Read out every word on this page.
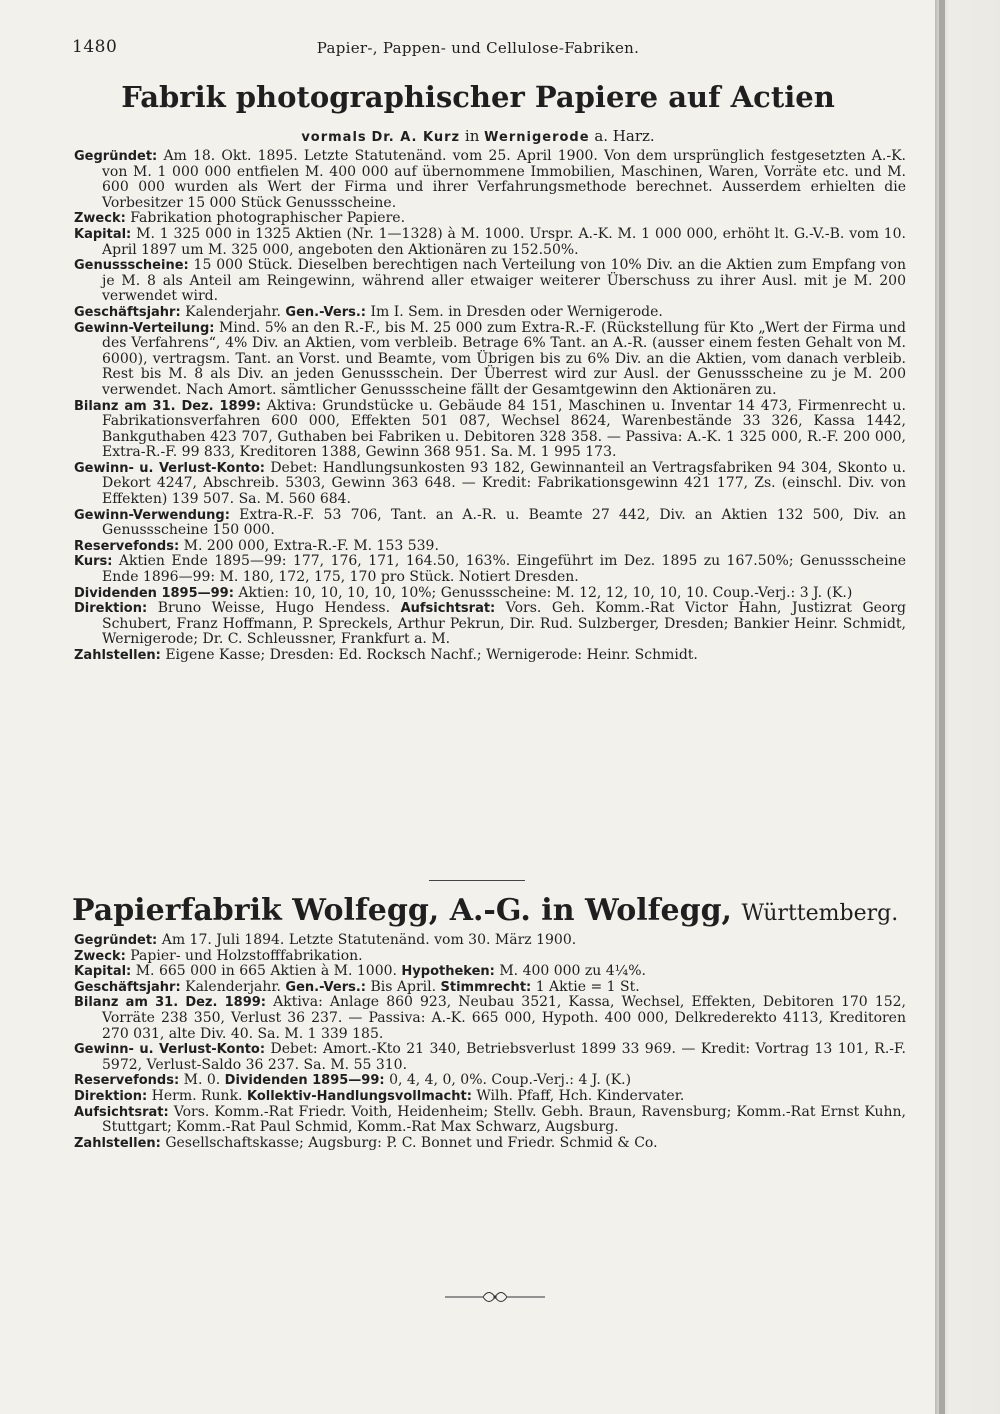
1480	Papier-, Pappen- und Cellulose-Fabriken.
Fabrik photographischer Papiere auf Actien
vormals Dr. A. Kurz in Wernigerode a. Harz.

Gegründet: Am 18. Okt. 1895. Letzte Statutenänd. vom 25. April 1900. Von dem ursprünglich festgesetzten A.-K. von M. 1 000 000 entfielen M. 400 000 auf übernommene Immobilien, Maschinen, Waren, Vorräte etc. und M. 600 000 wurden als Wert der Firma und ihrer Verfahrungsmethode berechnet. Ausserdem erhielten die Vorbesitzer 15 000 Stück Genussscheine.

Zweck: Fabrikation photographischer Papiere.

Kapital: M. 1 325 000 in 1325 Aktien (Nr. 1—1328) à M. 1000. Urspr. A.-K. M. 1 000 000, erhöht lt. G.-V.-B. vom 10. April 1897 um M. 325 000, angeboten den Aktionären zu 152.50%.

Genussscheine: 15 000 Stück. Dieselben berechtigen nach Verteilung von 10% Div. an die Aktien zum Empfang von je M. 8 als Anteil am Reingewinn, während aller etwaiger weiterer Überschuss zu ihrer Ausl. mit je M. 200 verwendet wird.

Geschäftsjahr: Kalenderjahr. Gen.-Vers.: Im I. Sem. in Dresden oder Wernigerode.

Gewinn-Verteilung: Mind. 5% an den R.-F., bis M. 25 000 zum Extra-R.-F. (Rückstellung für Kto „Wert der Firma und des Verfahrens“, 4% Div. an Aktien, vom verbleib. Betrage 6% Tant. an A.-R. (ausser einem festen Gehalt von M. 6000), vertragsm. Tant. an Vorst. und Beamte, vom Übrigen bis zu 6% Div. an die Aktien, vom danach verbleib. Rest bis M. 8 als Div. an jeden Genussschein. Der Überrest wird zur Ausl. der Genussscheine zu je M. 200 verwendet. Nach Amort. sämtlicher Genussscheine fällt der Gesamtgewinn den Aktionären zu.

Bilanz am 31. Dez. 1899: Aktiva: Grundstücke u. Gebäude 84 151, Maschinen u. Inventar 14 473, Firmenrecht u. Fabrikationsverfahren 600 000, Effekten 501 087, Wechsel 8624, Warenbestände 33 326, Kassa 1442, Bankguthaben 423 707, Guthaben bei Fabriken u. Debitoren 328 358. — Passiva: A.-K. 1 325 000, R.-F. 200 000, Extra-R.-F. 99 833, Kreditoren 1388, Gewinn 368 951. Sa. M. 1 995 173.

Gewinn- u. Verlust-Konto: Debet: Handlungsunkosten 93 182, Gewinnanteil an Vertragsfabriken 94 304, Skonto u. Dekort 4247, Abschreib. 5303, Gewinn 363 648. — Kredit: Fabrikationsgewinn 421 177, Zs. (einschl. Div. von Effekten) 139 507. Sa. M. 560 684.

Gewinn-Verwendung: Extra-R.-F. 53 706, Tant. an A.-R. u. Beamte 27 442, Div. an Aktien 132 500, Div. an Genussscheine 150 000.

Reservefonds: M. 200 000, Extra-R.-F. M. 153 539.

Kurs: Aktien Ende 1895—99: 177, 176, 171, 164.50, 163%. Eingeführt im Dez. 1895 zu 167.50%; Genussscheine Ende 1896—99: M. 180, 172, 175, 170 pro Stück. Notiert Dresden.

Dividenden 1895—99: Aktien: 10, 10, 10, 10, 10%; Genussscheine: M. 12, 12, 10, 10, 10. Coup.-Verj.: 3 J. (K.)

Direktion: Bruno Weisse, Hugo Hendess. Aufsichtsrat: Vors. Geh. Komm.-Rat Victor Hahn, Justizrat Georg Schubert, Franz Hoffmann, P. Spreckels, Arthur Pekrun, Dir. Rud. Sulzberger, Dresden; Bankier Heinr. Schmidt, Wernigerode; Dr. C. Schleussner, Frankfurt a. M.

Zahlstellen: Eigene Kasse; Dresden: Ed. Rocksch Nachf.; Wernigerode: Heinr. Schmidt.

Papierfabrik Wolfegg, A.-G. in Wolfegg, Württemberg.

Gegründet: Am 17. Juli 1894. Letzte Statutenänd. vom 30. März 1900.

Zweck: Papier- und Holzstofffabrikation.

Kapital: M. 665 000 in 665 Aktien à M. 1000. Hypotheken: M. 400 000 zu 4¼%.

Geschäftsjahr: Kalenderjahr. Gen.-Vers.: Bis April. Stimmrecht: 1 Aktie = 1 St.

Bilanz am 31. Dez. 1899: Aktiva: Anlage 860 923, Neubau 3521, Kassa, Wechsel, Effekten, Debitoren 170 152, Vorräte 238 350, Verlust 36 237. — Passiva: A.-K. 665 000, Hypoth. 400 000, Delkrederekto 4113, Kreditoren 270 031, alte Div. 40. Sa. M. 1 339 185.

Gewinn- u. Verlust-Konto: Debet: Amort.-Kto 21 340, Betriebsverlust 1899 33 969. — Kredit: Vortrag 13 101, R.-F. 5972, Verlust-Saldo 36 237. Sa. M. 55 310.

Reservefonds: M. 0. Dividenden 1895—99: 0, 4, 4, 0, 0%. Coup.-Verj.: 4 J. (K.)

Direktion: Herm. Runk. Kollektiv-Handlungsvollmacht: Wilh. Pfaff, Hch. Kindervater.

Aufsichtsrat: Vors. Komm.-Rat Friedr. Voith, Heidenheim; Stellv. Gebh. Braun, Ravensburg; Komm.-Rat Ernst Kuhn, Stuttgart; Komm.-Rat Paul Schmid, Komm.-Rat Max Schwarz, Augsburg.

Zahlstellen: Gesellschaftskasse; Augsburg: P. C. Bonnet und Friedr. Schmid & Co.
